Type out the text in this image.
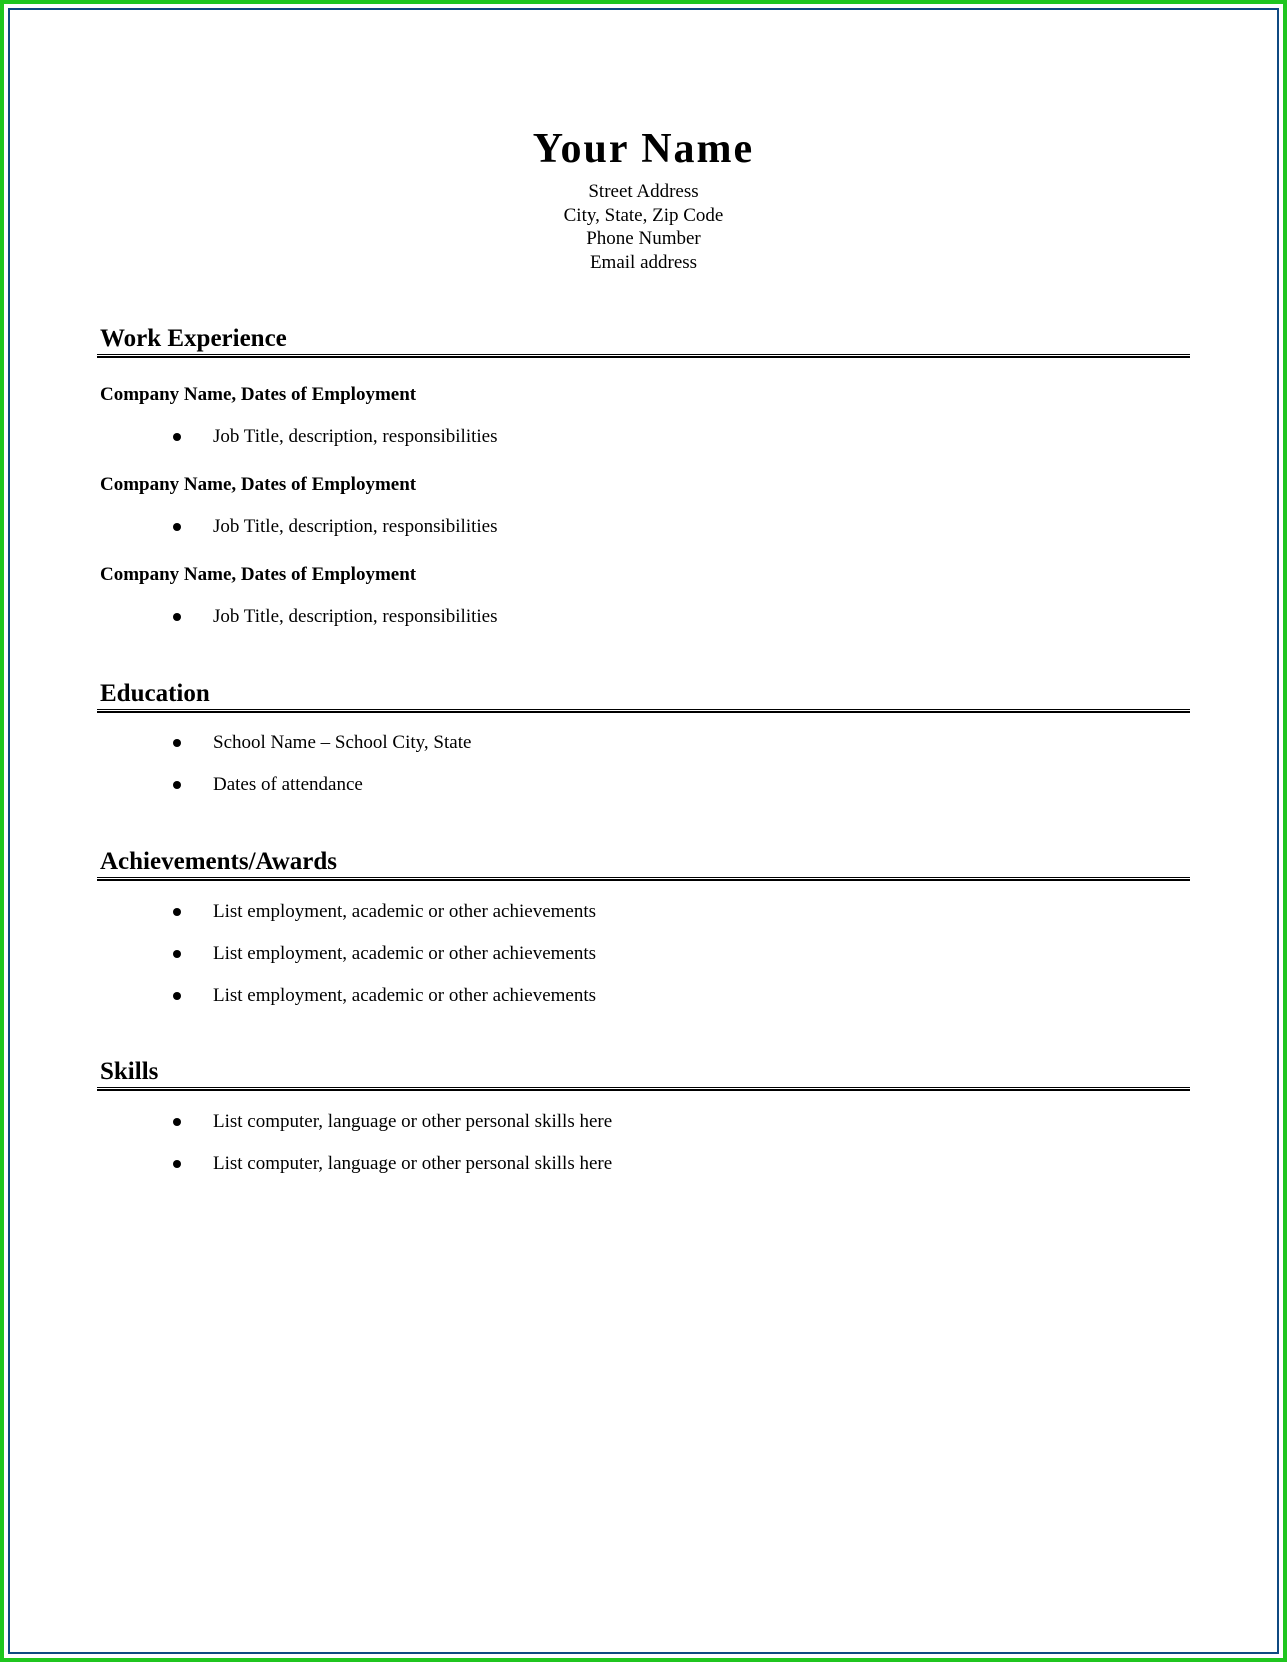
Your Name
Street Address
City, State, Zip Code
Phone Number
Email address
Work Experience
Company Name, Dates of Employment
Job Title, description, responsibilities
Company Name, Dates of Employment
Job Title, description, responsibilities
Company Name, Dates of Employment
Job Title, description, responsibilities
Education
School Name – School City, State
Dates of attendance
Achievements/Awards
List employment, academic or other achievements
List employment, academic or other achievements
List employment, academic or other achievements
Skills
List computer, language or other personal skills here
List computer, language or other personal skills here
